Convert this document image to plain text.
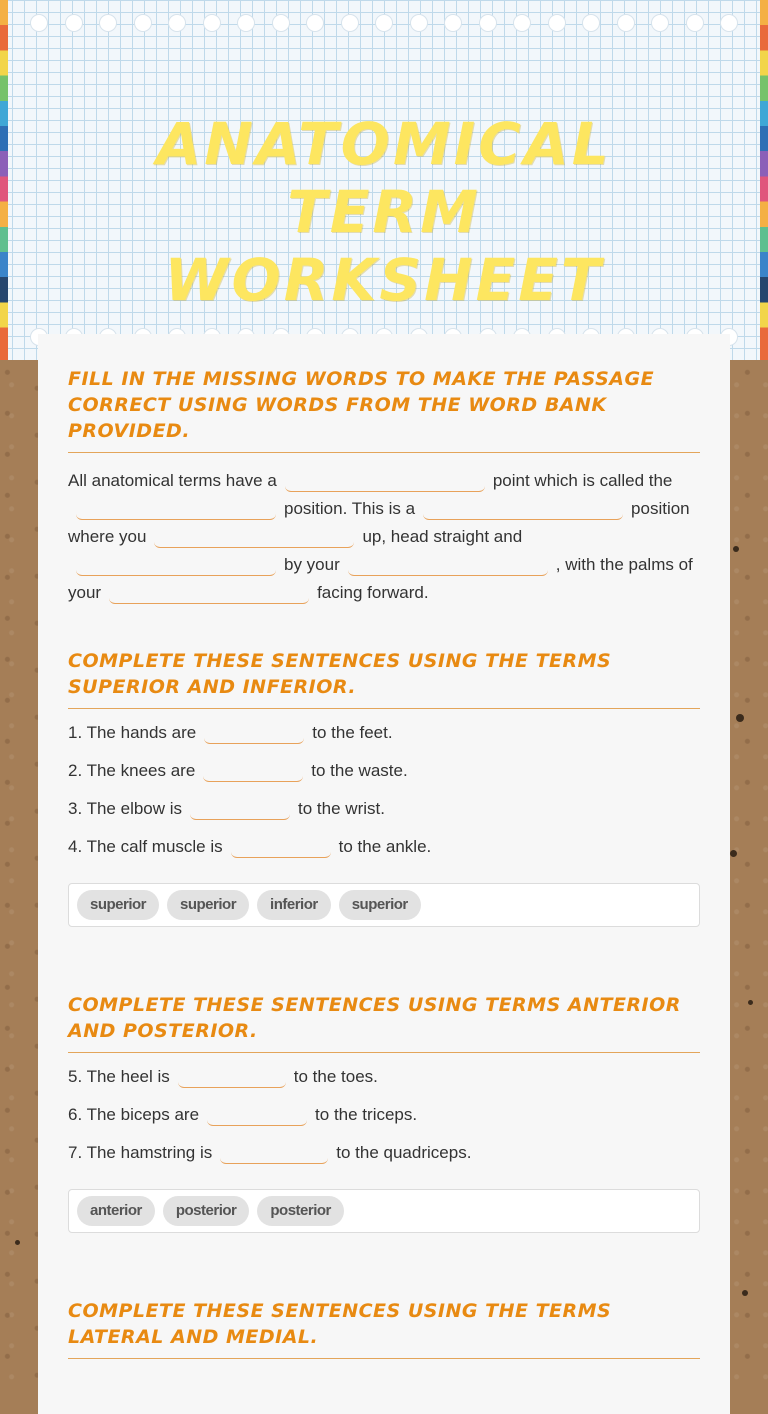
ANATOMICAL TERM WORKSHEET
FILL IN THE MISSING WORDS TO MAKE THE PASSAGE CORRECT USING WORDS FROM THE WORD BANK PROVIDED.
All anatomical terms have a	point which is called theposition. This is a	position where you	up, head straight andby your	, with the palms of your	facing forward.
COMPLETE THESE SENTENCES USING THE TERMS SUPERIOR AND INFERIOR.
1. The hands are	to the feet.
2. The knees are	to the waste.
3. The elbow is	to the wrist.
4. The calf muscle is	to the ankle.
superior	superior	inferior	superior
COMPLETE THESE SENTENCES USING TERMS ANTERIOR AND POSTERIOR.
5. The heel is	to the toes.
6. The biceps are	to the triceps.
7. The hamstring is	to the quadriceps.
anterior	posterior	posterior
COMPLETE THESE SENTENCES USING THE TERMS LATERAL AND MEDIAL.
